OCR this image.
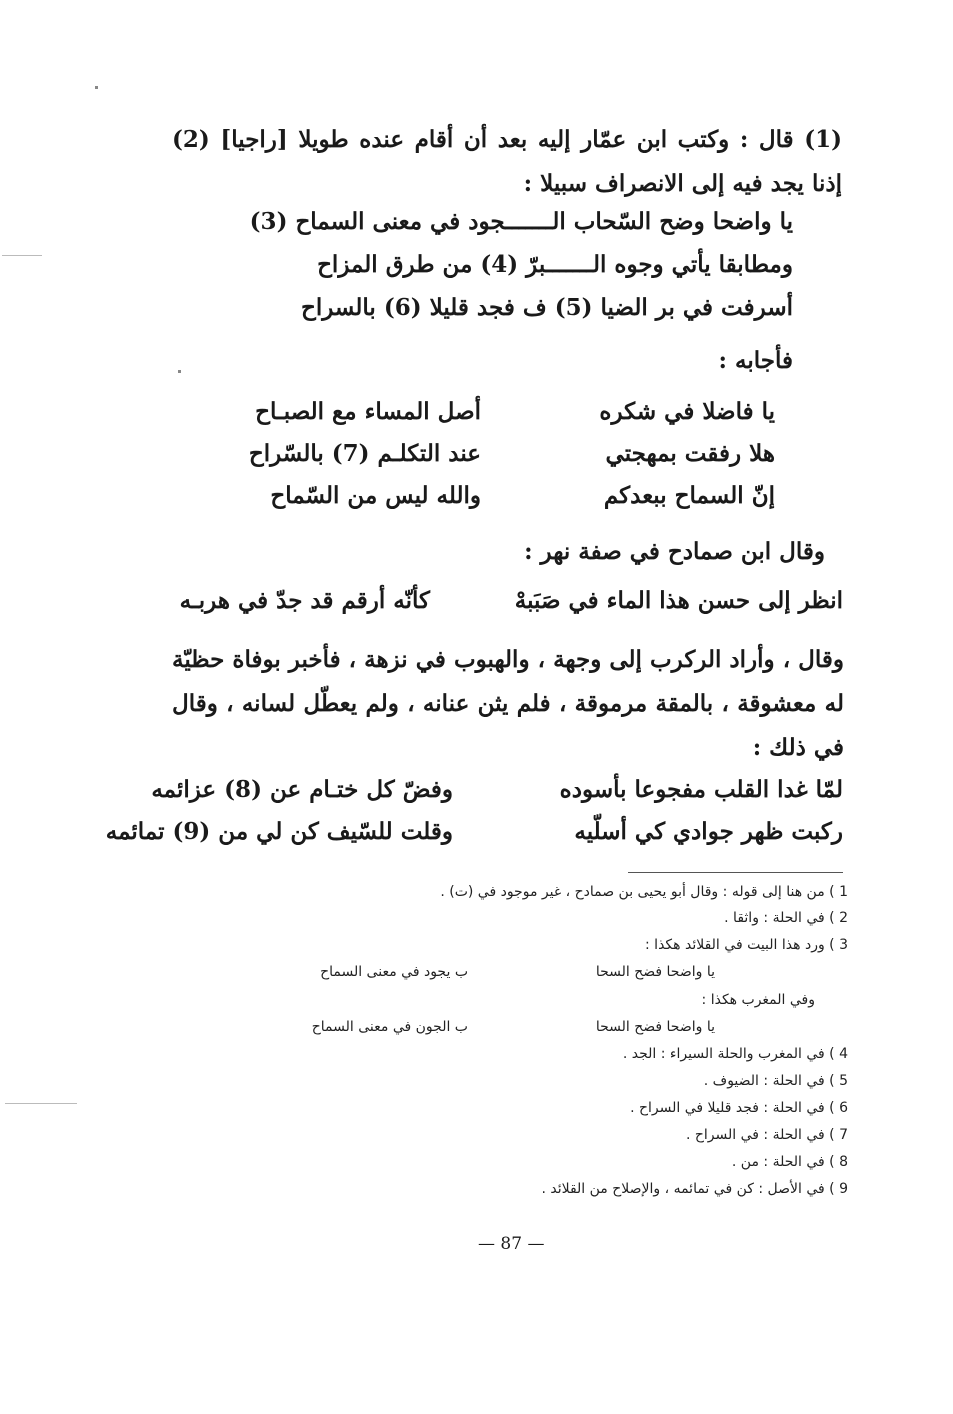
(1) قال : وكتب ابن عمّار إليه بعد أن أقام عنده طويلا [راجيا] (2) إذنا يجد فيه إلى الانصراف سبيلا :

يا واضحا وضح السّحاب الـــــــجود في معنى السماح (3)
ومطابقا يأتي وجوه الـــــــبرّ (4) من طرق المزاح
أسرفت في بر الضيا (5) ف فجد قليلا (6) بالسراح
فأجابه :
يا فاضلا في شكره
أصل المساء مع الصبـاح
هلا رفقت بمهجتي
عند التكلـم (7) بالسّراح
إنّ السماح ببعدكم
والله ليس من السّماح
وقال ابن صمادح في صفة نهر :
انظر إلى حسن هذا الماء في صَبَبهْ
كأنّه أرقم قد جدّ في هربـه

وقال ، وأراد الركرب إلى وجهة ، والهبوب في نزهة ، فأخبر بوفاة حظيّة له معشوقة ، بالمقة مرموقة ، فلم يثن عنانه ، ولم يعطّل لسانه ، وقال في ذلك :

لمّا غدا القلب مفجوعا بأسوده
وفضّ كل ختـام عن (8) عزائمه
ركبت ظهر جوادي كي أسلّيه
وقلت للسّيف كن لي من (9) تمائمه
1 ) من هنا إلى قوله : وقال أبو يحيى بن صمادح ، غير موجود في (ت) .
2 ) في الحلة : واثقا .
3 ) ورد هذا البيت في القلائد هكذا :
يا واضحا فضح السحا
ب يجود في معنى السماح
وفي المغرب هكذا :
يا واضحا فضح السحا
ب الجون في معنى السماح
4 ) في المغرب والحلة السيراء : الجد .
5 ) في الحلة : الضيوف .
6 ) في الحلة : فجد قليلا في السراح .
7 ) في الحلة : في السراح .
8 ) في الحلة : من .
9 ) في الأصل : كن في تمائمه ، والإصلاح من القلائد .
— 87 —
